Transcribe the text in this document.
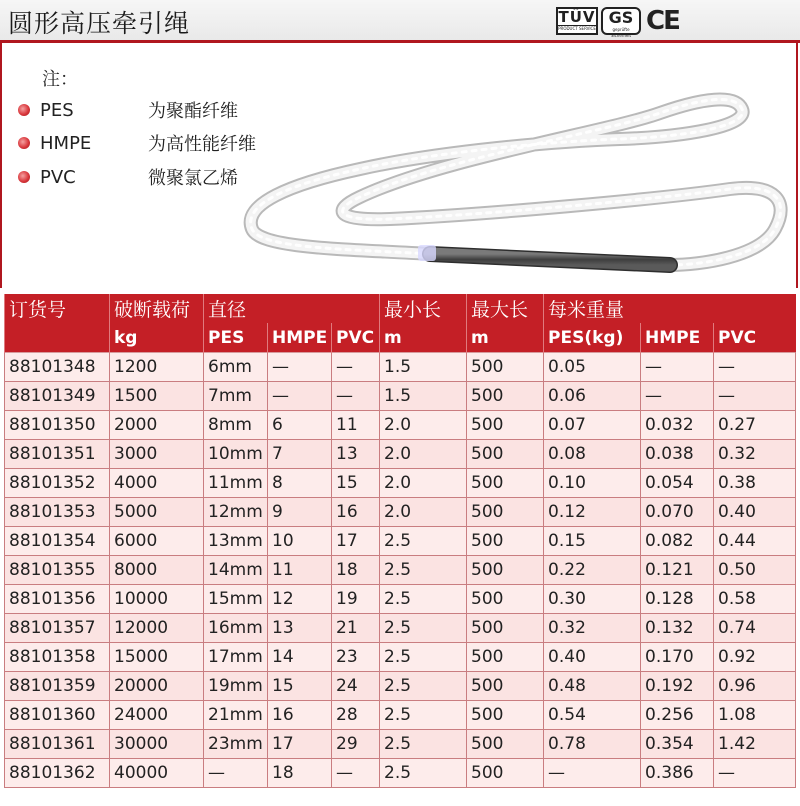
圆形高压牵引绳	TÜV
PRODUCT SERVICE
GS
geprüfte Sicherheit CE
注：
PES	为聚酯纤维
HMPE	为高性能纤维
PVC	微聚氯乙烯
订货号	破断载荷	直径			最小长	最大长	每米重量		
	kg	PES	HMPE	PVC	m	m	PES(kg)	HMPE	PVC
88101348	1200	6mm	—	—	1.5	500	0.05	—	—
88101349	1500	7mm	—	—	1.5	500	0.06	—	—
88101350	2000	8mm	6	11	2.0	500	0.07	0.032	0.27
88101351	3000	10mm	7	13	2.0	500	0.08	0.038	0.32
88101352	4000	11mm	8	15	2.0	500	0.10	0.054	0.38
88101353	5000	12mm	9	16	2.0	500	0.12	0.070	0.40
88101354	6000	13mm	10	17	2.5	500	0.15	0.082	0.44
88101355	8000	14mm	11	18	2.5	500	0.22	0.121	0.50
88101356	10000	15mm	12	19	2.5	500	0.30	0.128	0.58
88101357	12000	16mm	13	21	2.5	500	0.32	0.132	0.74
88101358	15000	17mm	14	23	2.5	500	0.40	0.170	0.92
88101359	20000	19mm	15	24	2.5	500	0.48	0.192	0.96
88101360	24000	21mm	16	28	2.5	500	0.54	0.256	1.08
88101361	30000	23mm	17	29	2.5	500	0.78	0.354	1.42
88101362	40000	—	18	—	2.5	500	—	0.386	—
